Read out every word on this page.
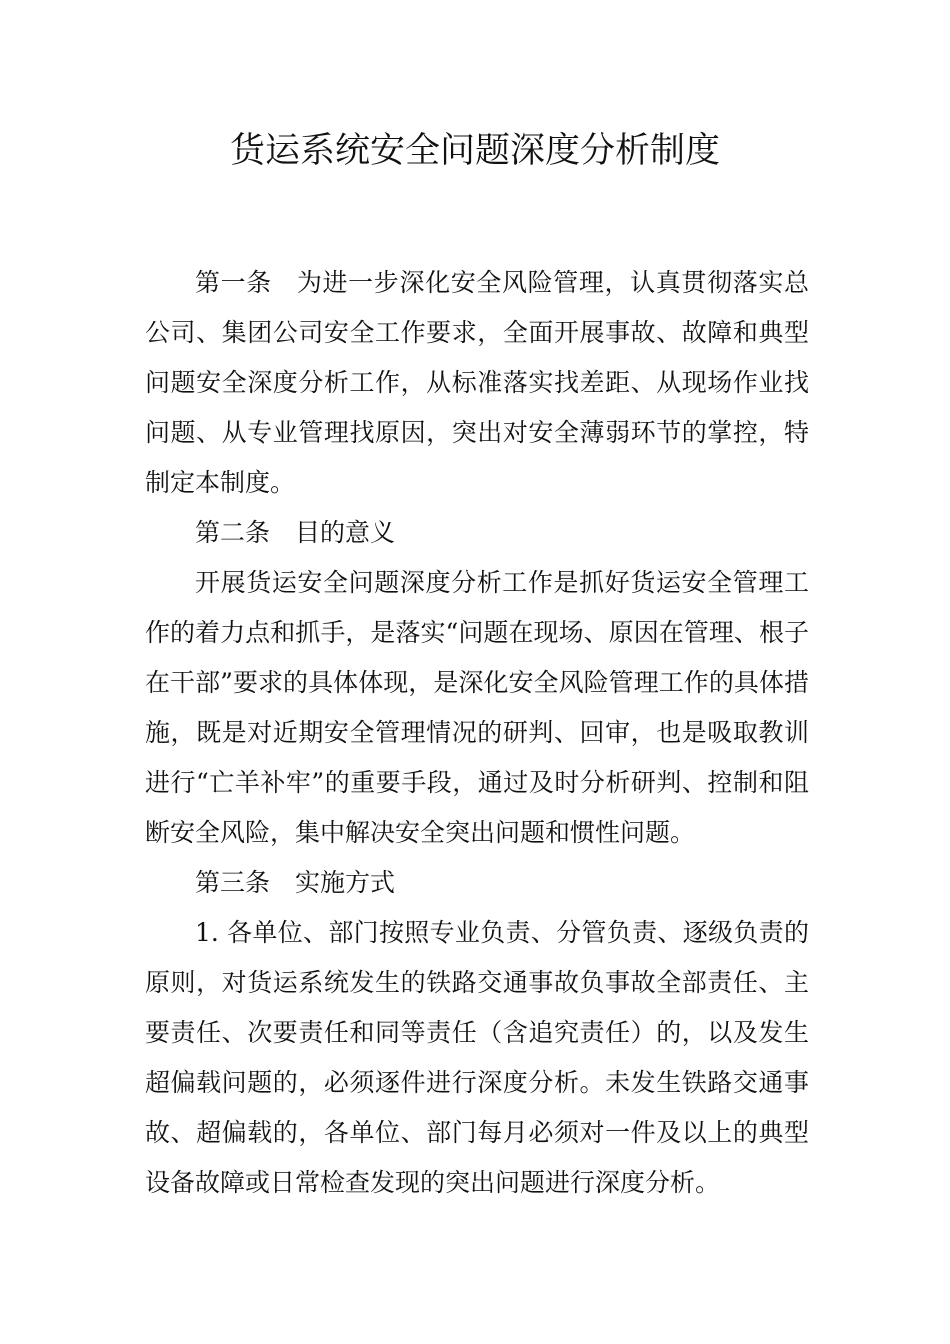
货运系统安全问题深度分析制度

第一条 为进一步深化安全风险管理，认真贯彻落实总公司、集团公司安全工作要求，全面开展事故、故障和典型问题安全深度分析工作，从标准落实找差距、从现场作业找问题、从专业管理找原因，突出对安全薄弱环节的掌控，特制定本制度。

第二条 目的意义

开展货运安全问题深度分析工作是抓好货运安全管理工作的着力点和抓手，是落实“问题在现场、原因在管理、根子在干部”要求的具体体现，是深化安全风险管理工作的具体措施，既是对近期安全管理情况的研判、回审，也是吸取教训进行“亡羊补牢”的重要手段，通过及时分析研判、控制和阻断安全风险，集中解决安全突出问题和惯性问题。

第三条 实施方式

1. 各单位、部门按照专业负责、分管负责、逐级负责的原则，对货运系统发生的铁路交通事故负事故全部责任、主要责任、次要责任和同等责任（含追究责任）的，以及发生超偏载问题的，必须逐件进行深度分析。未发生铁路交通事故、超偏载的，各单位、部门每月必须对一件及以上的典型设备故障或日常检查发现的突出问题进行深度分析。
